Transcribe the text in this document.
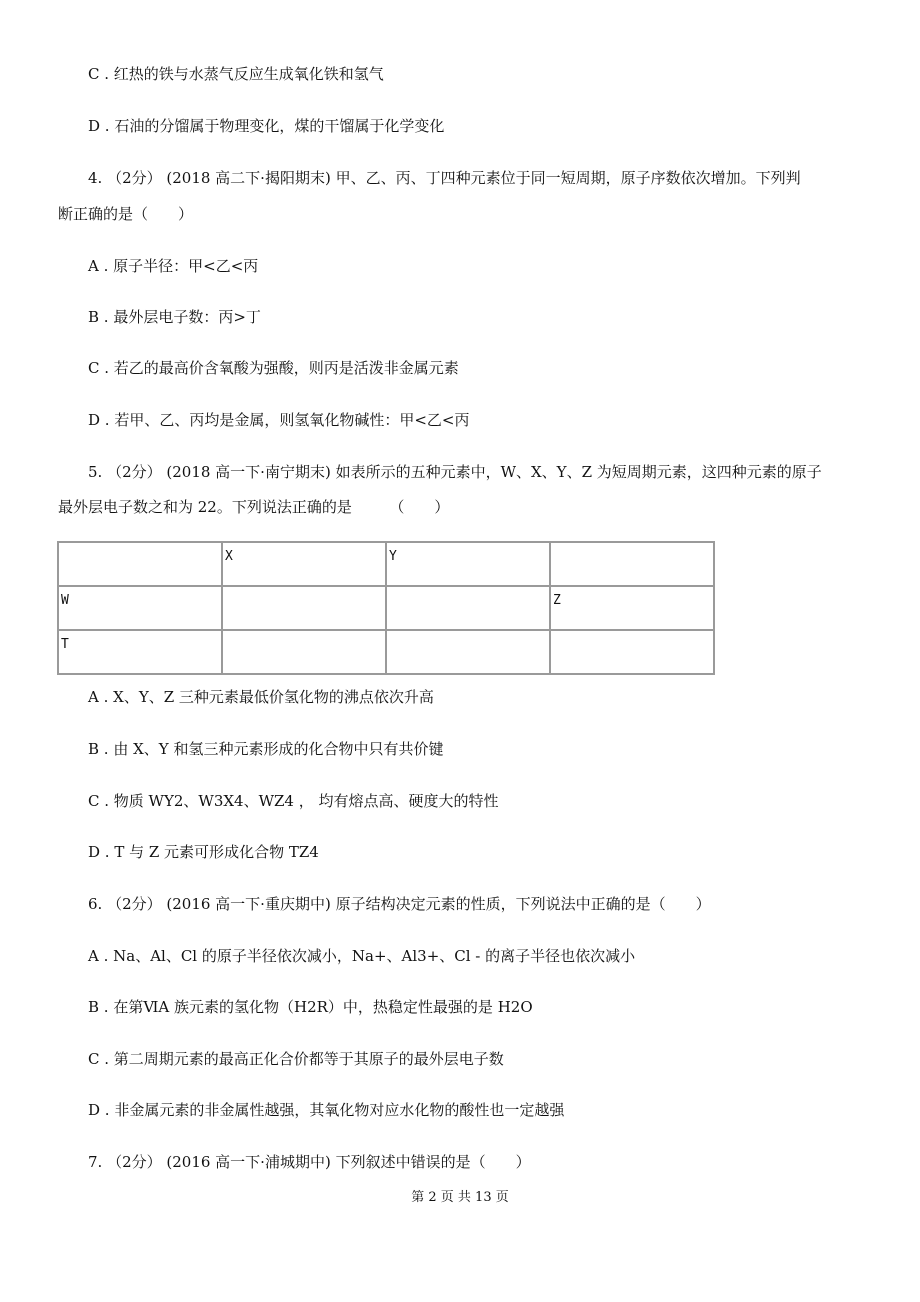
C . 红热的铁与水蒸气反应生成氧化铁和氢气
D . 石油的分馏属于物理变化，煤的干馏属于化学变化
4. （2分） (2018 高二下·揭阳期末) 甲、乙、丙、丁四种元素位于同一短周期，原子序数依次增加。下列判
断正确的是（　　）
A . 原子半径：甲<乙<丙
B . 最外层电子数：丙>丁
C . 若乙的最高价含氧酸为强酸，则丙是活泼非金属元素
D . 若甲、乙、丙均是金属，则氢氧化物碱性：甲<乙<丙
5. （2分） (2018 高一下·南宁期末) 如表所示的五种元素中，W、X、Y、Z 为短周期元素，这四种元素的原子
最外层电子数之和为 22。下列说法正确的是　　　（　　）
	X	Y	
W			Z
T			
A . X、Y、Z 三种元素最低价氢化物的沸点依次升高
B . 由 X、Y 和氢三种元素形成的化合物中只有共价键
C . 物质 WY2、W3X4、WZ4 ， 均有熔点高、硬度大的特性
D . T 与 Z 元素可形成化合物 TZ4
6. （2分） (2016 高一下·重庆期中) 原子结构决定元素的性质，下列说法中正确的是（　　）
A . Na、Al、Cl 的原子半径依次减小，Na+、Al3+、Cl - 的离子半径也依次减小
B . 在第ⅥA 族元素的氢化物（H2R）中，热稳定性最强的是 H2O
C . 第二周期元素的最高正化合价都等于其原子的最外层电子数
D . 非金属元素的非金属性越强，其氧化物对应水化物的酸性也一定越强
7. （2分） (2016 高一下·浦城期中) 下列叙述中错误的是（　　）
第 2 页 共 13 页
